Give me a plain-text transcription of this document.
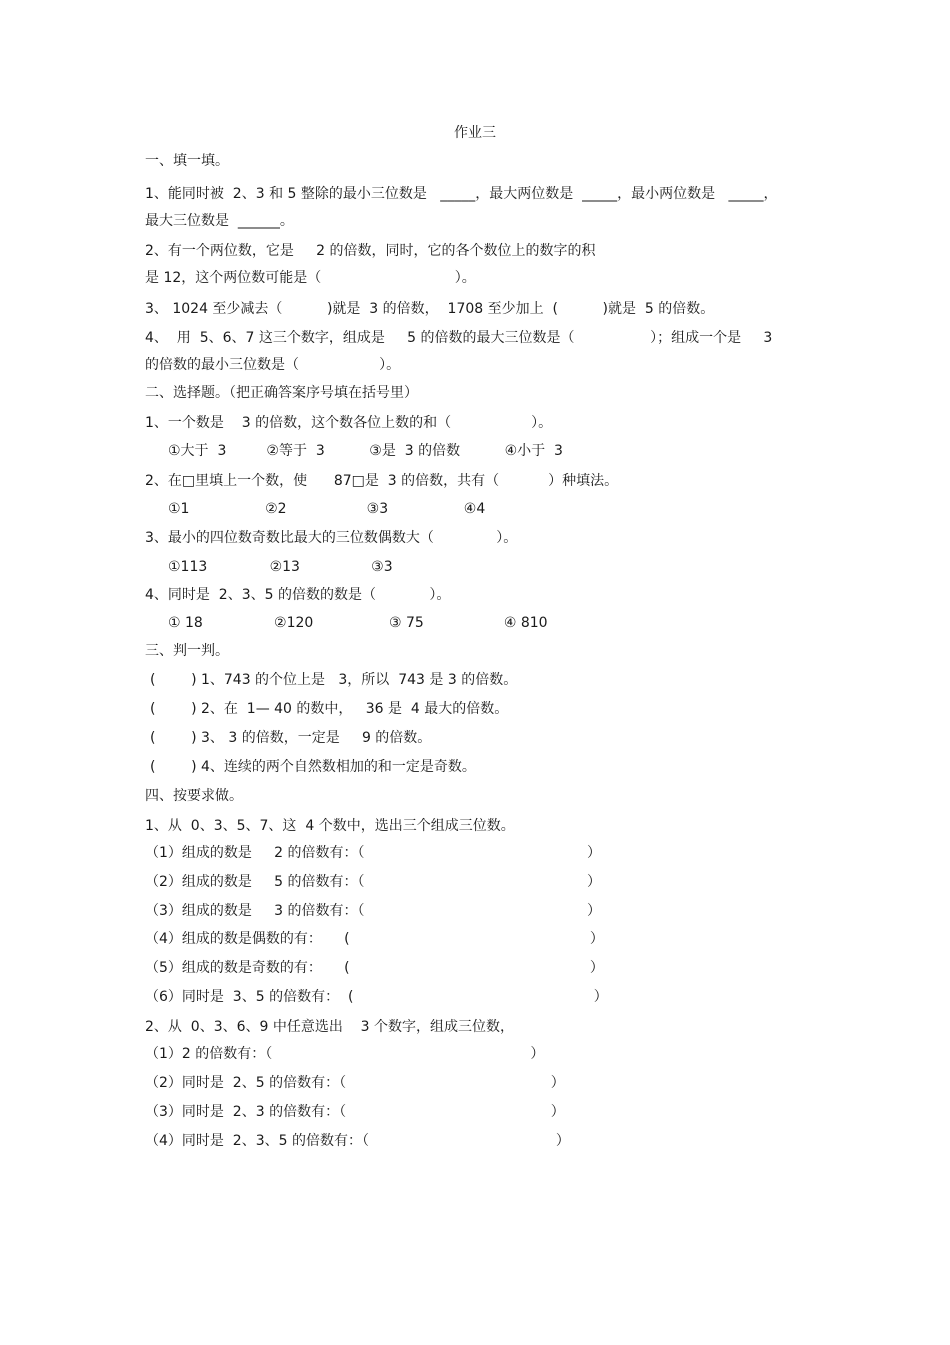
作业三
一、填一填。
1、能同时被  2、3 和 5 整除的最小三位数是   _____，最大两位数是  _____，最小两位数是   _____，
最大三位数是  ______。
2、有一个两位数，它是     2 的倍数，同时，它的各个数位上的数字的积
是 12，这个两位数可能是（                              ）。
3、 1024 至少减去（          )就是  3 的倍数，  1708 至少加上  (          )就是  5 的倍数。
4、  用  5、6、7 这三个数字，组成是     5 的倍数的最大三位数是（                 ）；组成一个是     3
的倍数的最小三位数是（                  ）。
二、选择题。（把正确答案序号填在括号里）
1、一个数是    3 的倍数，这个数各位上数的和（                  ）。
①大于  3         ②等于  3          ③是  3 的倍数          ④小于  3
2、在□里填上一个数，使      87□是  3 的倍数，共有（           ）种填法。
①1                 ②2                  ③3                 ④4
3、最小的四位数奇数比最大的三位数偶数大（              ）。
①113              ②13                ③3
4、同时是  2、3、5 的倍数的数是（            ）。
① 18                ②120                 ③ 75                  ④ 810
三、判一判。
(        ) 1、743 的个位上是   3，所以  743 是 3 的倍数。
(        ) 2、在  1— 40 的数中，   36 是  4 最大的倍数。
(        ) 3、 3 的倍数，一定是     9 的倍数。
(        ) 4、连续的两个自然数相加的和一定是奇数。
四、按要求做。
1、从  0、3、5、7、这  4 个数中，选出三个组成三位数。
（1）组成的数是     2 的倍数有：（                                                  ）
（2）组成的数是     5 的倍数有：（                                                  ）
（3）组成的数是     3 的倍数有：（                                                  ）
（4）组成的数是偶数的有：     (                                                      ）
（5）组成的数是奇数的有：     (                                                      ）
（6）同时是  3、5 的倍数有：  (                                                      ）
2、从  0、3、6、9 中任意选出    3 个数字，组成三位数，
（1）2 的倍数有：（                                                          ）
（2）同时是  2、5 的倍数有：（                                              ）
（3）同时是  2、3 的倍数有：（                                              ）
（4）同时是  2、3、5 的倍数有：（                                          ）
